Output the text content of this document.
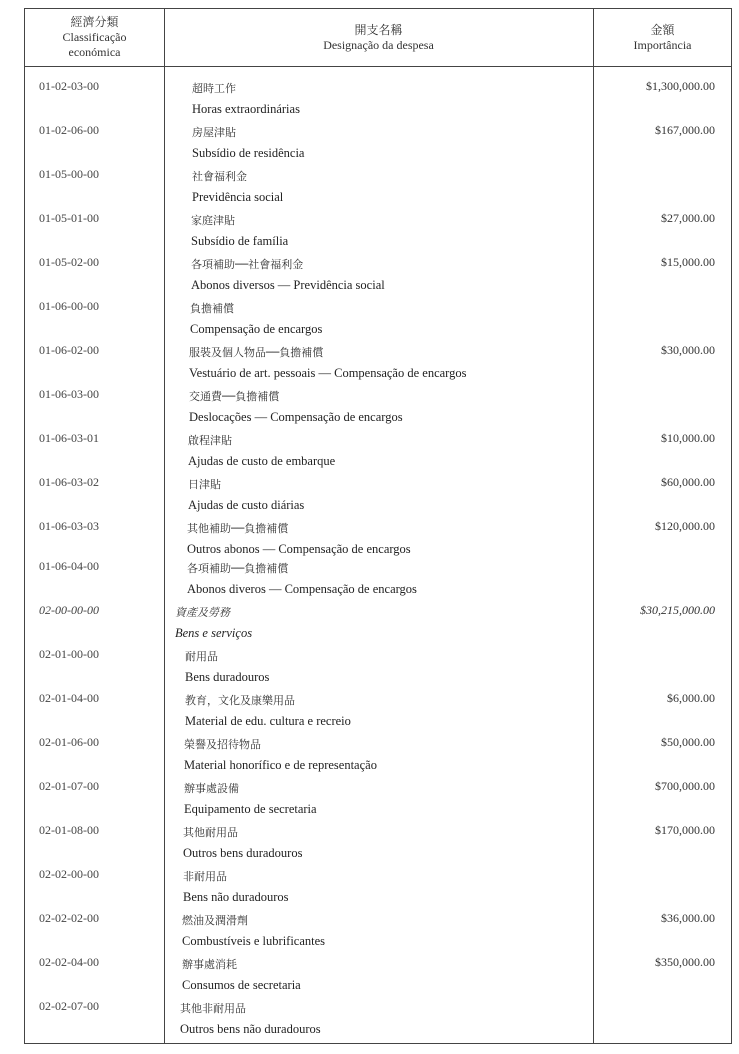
經濟分類
Classificação
económica
開支名稱
Designação da despesa
金額
Importância
01-02-03-00	超時工作
Horas extraordinárias
$1,300,000.00
01-02-06-00	房屋津貼
Subsídio de residência
$167,000.00
01-05-00-00	社會福利金
Previdência social
01-05-01-00	家庭津貼
Subsídio de família
$27,000.00
01-05-02-00	各項補助──社會福利金
Abonos diversos — Previdência social
$15,000.00
01-06-00-00	負擔補償
Compensação de encargos
01-06-02-00	服裝及個人物品──負擔補償
Vestuário de art. pessoais — Compensação de encargos
$30,000.00
01-06-03-00	交通費──負擔補償
Deslocações — Compensação de encargos
01-06-03-01	啟程津貼
Ajudas de custo de embarque
$10,000.00
01-06-03-02	日津貼
Ajudas de custo diárias
$60,000.00
01-06-03-03	其他補助──負擔補償
Outros abonos — Compensação de encargos
$120,000.00
01-06-04-00	各項補助──負擔補償
Abonos diveros — Compensação de encargos
02-00-00-00	資產及勞務
Bens e serviços
$30,215,000.00
02-01-00-00	耐用品
Bens duradouros
02-01-04-00	教育，文化及康樂用品
Material de edu. cultura e recreio
$6,000.00
02-01-06-00	榮譽及招待物品
Material honorífico e de representação
$50,000.00
02-01-07-00	辦事處設備
Equipamento de secretaria
$700,000.00
02-01-08-00	其他耐用品
Outros bens duradouros
$170,000.00
02-02-00-00	非耐用品
Bens não duradouros
02-02-02-00	燃油及潤滑劑
Combustíveis e lubrificantes
$36,000.00
02-02-04-00	辦事處消耗
Consumos de secretaria
$350,000.00
02-02-07-00	其他非耐用品
Outros bens não duradouros
